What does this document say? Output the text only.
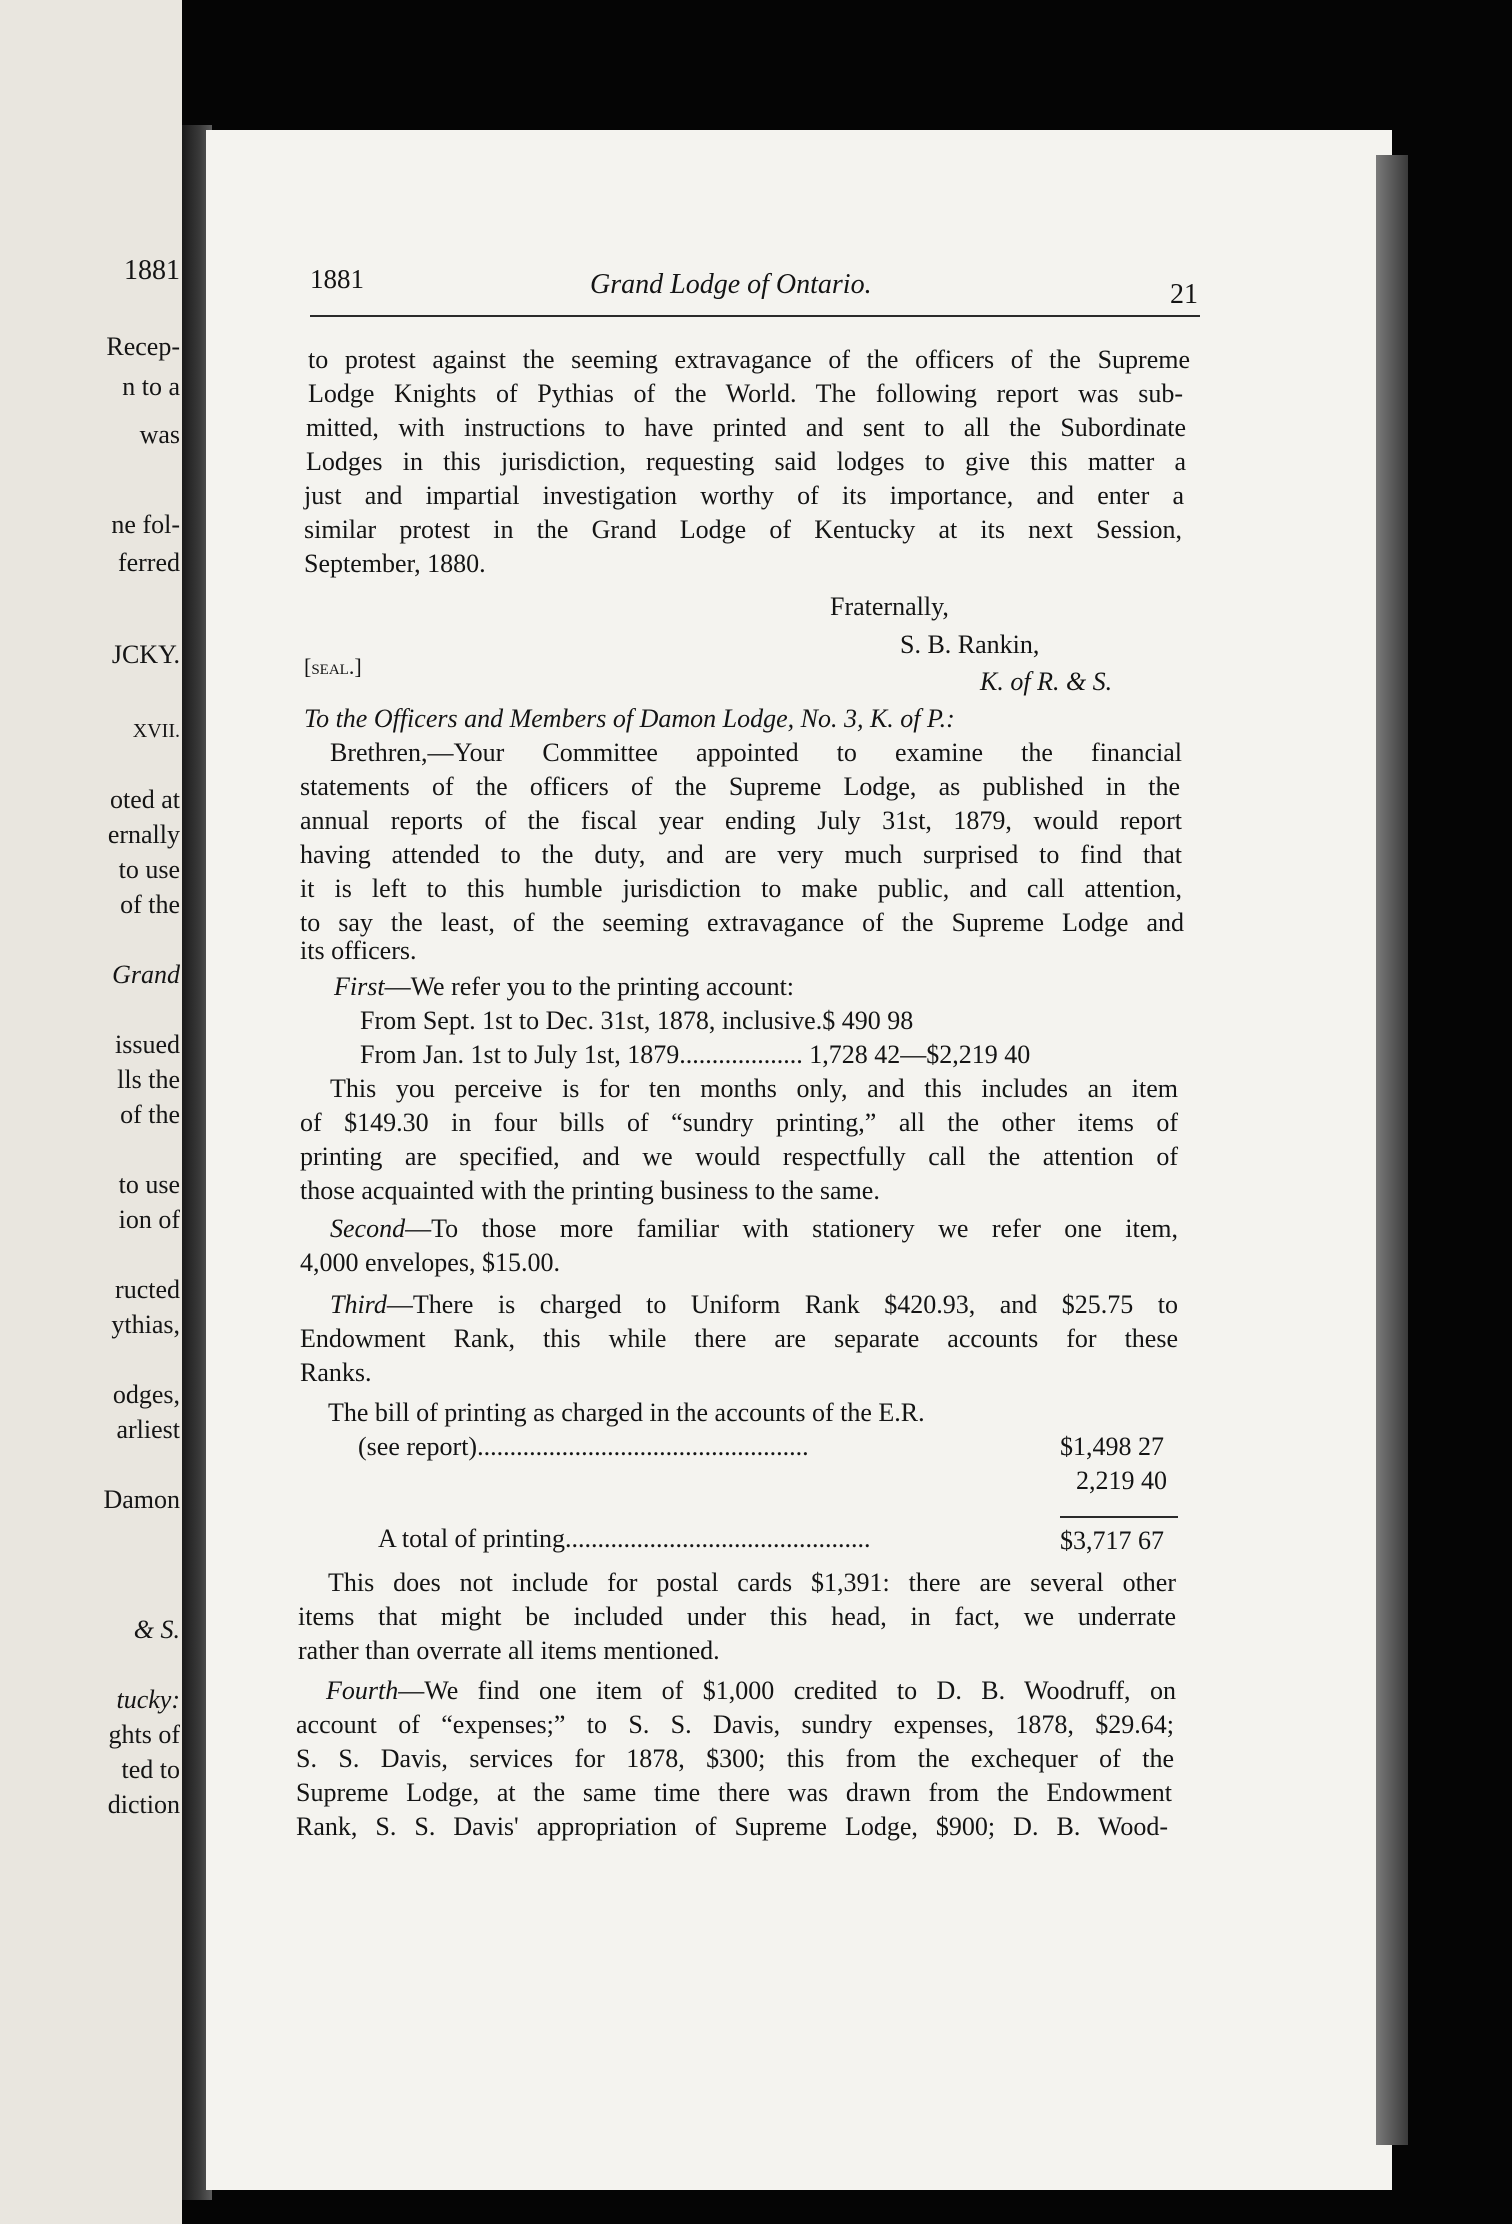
1881
Recep-
n to a
was
ne fol-
ferred
JCKY.
XVII.
oted at
ernally
to use
of the
Grand
issued
lls the
of the
to use
ion of
ructed
ythias,
odges,
arliest
Damon
& S.
tucky:
ghts of
ted to
diction
1881	Grand Lodge of Ontario.	21
to protest against the seeming extravagance of the officers of the Supreme
Lodge Knights of Pythias of the World. The following report was sub-
mitted, with instructions to have printed and sent to all the Subordinate
Lodges in this jurisdiction, requesting said lodges to give this matter a
just and impartial investigation worthy of its importance, and enter a
similar protest in the Grand Lodge of Kentucky at its next Session,
September, 1880.
Fraternally,
S. B. Rankin,
[seal.]
K. of R. & S.
To the Officers and Members of Damon Lodge, No. 3, K. of P.:
Brethren,—Your Committee appointed to examine the financial
statements of the officers of the Supreme Lodge, as published in the
annual reports of the fiscal year ending July 31st, 1879, would report
having attended to the duty, and are very much surprised to find that
it is left to this humble jurisdiction to make public, and call attention,
to say the least, of the seeming extravagance of the Supreme Lodge and
its officers.
First—We refer you to the printing account:
From Sept. 1st to Dec. 31st, 1878, inclusive.$ 490 98
From Jan. 1st to July 1st, 1879................... 1,728 42—$2,219 40
This you perceive is for ten months only, and this includes an item
of $149.30 in four bills of “sundry printing,” all the other items of
printing are specified, and we would respectfully call the attention of
those acquainted with the printing business to the same.
Second—To those more familiar with stationery we refer one item,
4,000 envelopes, $15.00.
Third—There is charged to Uniform Rank $420.93, and $25.75 to
Endowment Rank, this while there are separate accounts for these
Ranks.
The bill of printing as charged in the accounts of the E.R.
(see report)...................................................	$1,498 27
2,219 40
A total of printing...............................................	$3,717 67
This does not include for postal cards $1,391: there are several other
items that might be included under this head, in fact, we underrate
rather than overrate all items mentioned.
Fourth—We find one item of $1,000 credited to D. B. Woodruff, on
account of “expenses;” to S. S. Davis, sundry expenses, 1878, $29.64;
S. S. Davis, services for 1878, $300; this from the exchequer of the
Supreme Lodge, at the same time there was drawn from the Endowment
Rank, S. S. Davis' appropriation of Supreme Lodge, $900; D. B. Wood-
